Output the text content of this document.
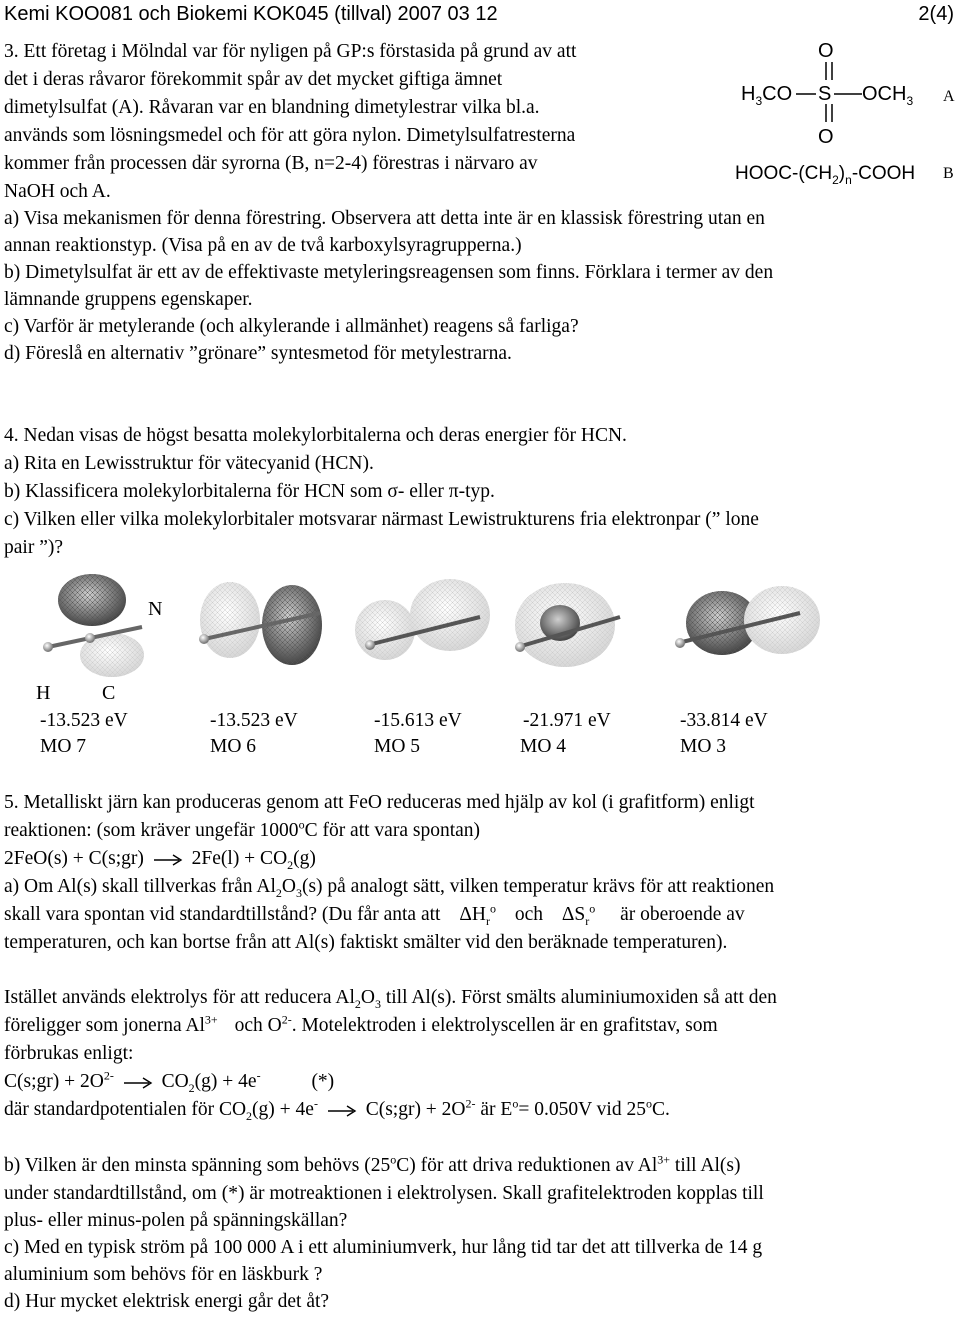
Kemi KOO081 och Biokemi KOK045 (tillval) 2007 03 12	2(4)
3. Ett företag i Mölndal var för nyligen på GP:s förstasida på grund av att
det i deras råvaror förekommit spår av det mycket giftiga ämnet
dimetylsulfat (A). Råvaran var en blandning dimetylestrar vilka bl.a.
används som lösningsmedel och för att göra nylon. Dimetylsulfatresterna
kommer från processen där syrorna (B, n=2-4) förestras i närvaro av
NaOH och A.
a) Visa mekanismen för denna förestring. Observera att detta inte är en klassisk förestring utan en
annan reaktionstyp. (Visa på en av de två karboxylsyragrupperna.)
b) Dimetylsulfat är ett av de effektivaste metyleringsreagensen som finns. Förklara i termer av den
lämnande gruppens egenskaper.
c) Varför är metylerande (och alkylerande i allmänhet) reagens så farliga?
d) Föreslå en alternativ ”grönare” syntesmetod för metylestrarna.
O
$H_3CO$ S $OCH_3$
O
A
HOOC-$(CH_2)_n$-COOH B
4. Nedan visas de högst besatta molekylorbitalerna och deras energier för HCN.
a) Rita en Lewisstruktur för vätecyanid (HCN).
b) Klassificera molekylorbitalerna för HCN som σ- eller π-typ.
c) Vilken eller vilka molekylorbitaler motsvarar närmast Lewistrukturens fria elektronpar (” lone
pair ”)?
N
H	C
-13.523 eV
MO 7
-13.523 eV
MO 6
-15.613 eV
MO 5
-21.971 eV
MO 4
-33.814 eV
MO 3
5. Metalliskt järn kan produceras genom att FeO reduceras med hjälp av kol (i grafitform) enligt
reaktionen: (som kräver ungefär 1000$^o$C för att vara spontan)
2FeO(s) + C(s;gr) → $2Fe(l) + CO_2(g)$
a) Om Al(s) skall tillverkas från $Al_2O_3(s)$ på analogt sätt, vilken temperatur krävs för att reaktionen
skall vara spontan vid standardtillstånd? (Du får anta att $\Delta H_r^o$ och $\Delta S_r^o$ är oberoende av
temperaturen, och kan bortse från att Al(s) faktiskt smälter vid den beräknade temperaturen).
Istället används elektrolys för att reducera $Al_2O_3$ till Al(s). Först smälts aluminiumoxiden så att den
föreligger som jonerna $Al^{3+}$ och $O^{2-}$. Motelektroden i elektrolyscellen är en grafitstav, som
förbrukas enligt:
C(s;gr) + $2O^{2-} \to CO_2(g) + 4e^-$	(*)
där standardpotentialen för $CO_2(g) + 4e^-$ → C(s;gr) + $2O^{2-}$ är $E^o= 0.050V$ vid 25$^o$C.
b) Vilken är den minsta spänning som behövs (25$^o$C) för att driva reduktionen av $Al^{3+}$ till Al(s)
under standardtillstånd, om (*) är motreaktionen i elektrolysen. Skall grafitelektroden kopplas till
plus- eller minus-polen på spänningskällan?
c) Med en typisk ström på 100 000 A i ett aluminiumverk, hur lång tid tar det att tillverka de 14 g
aluminium som behövs för en läskburk ?
d) Hur mycket elektrisk energi går det åt?
